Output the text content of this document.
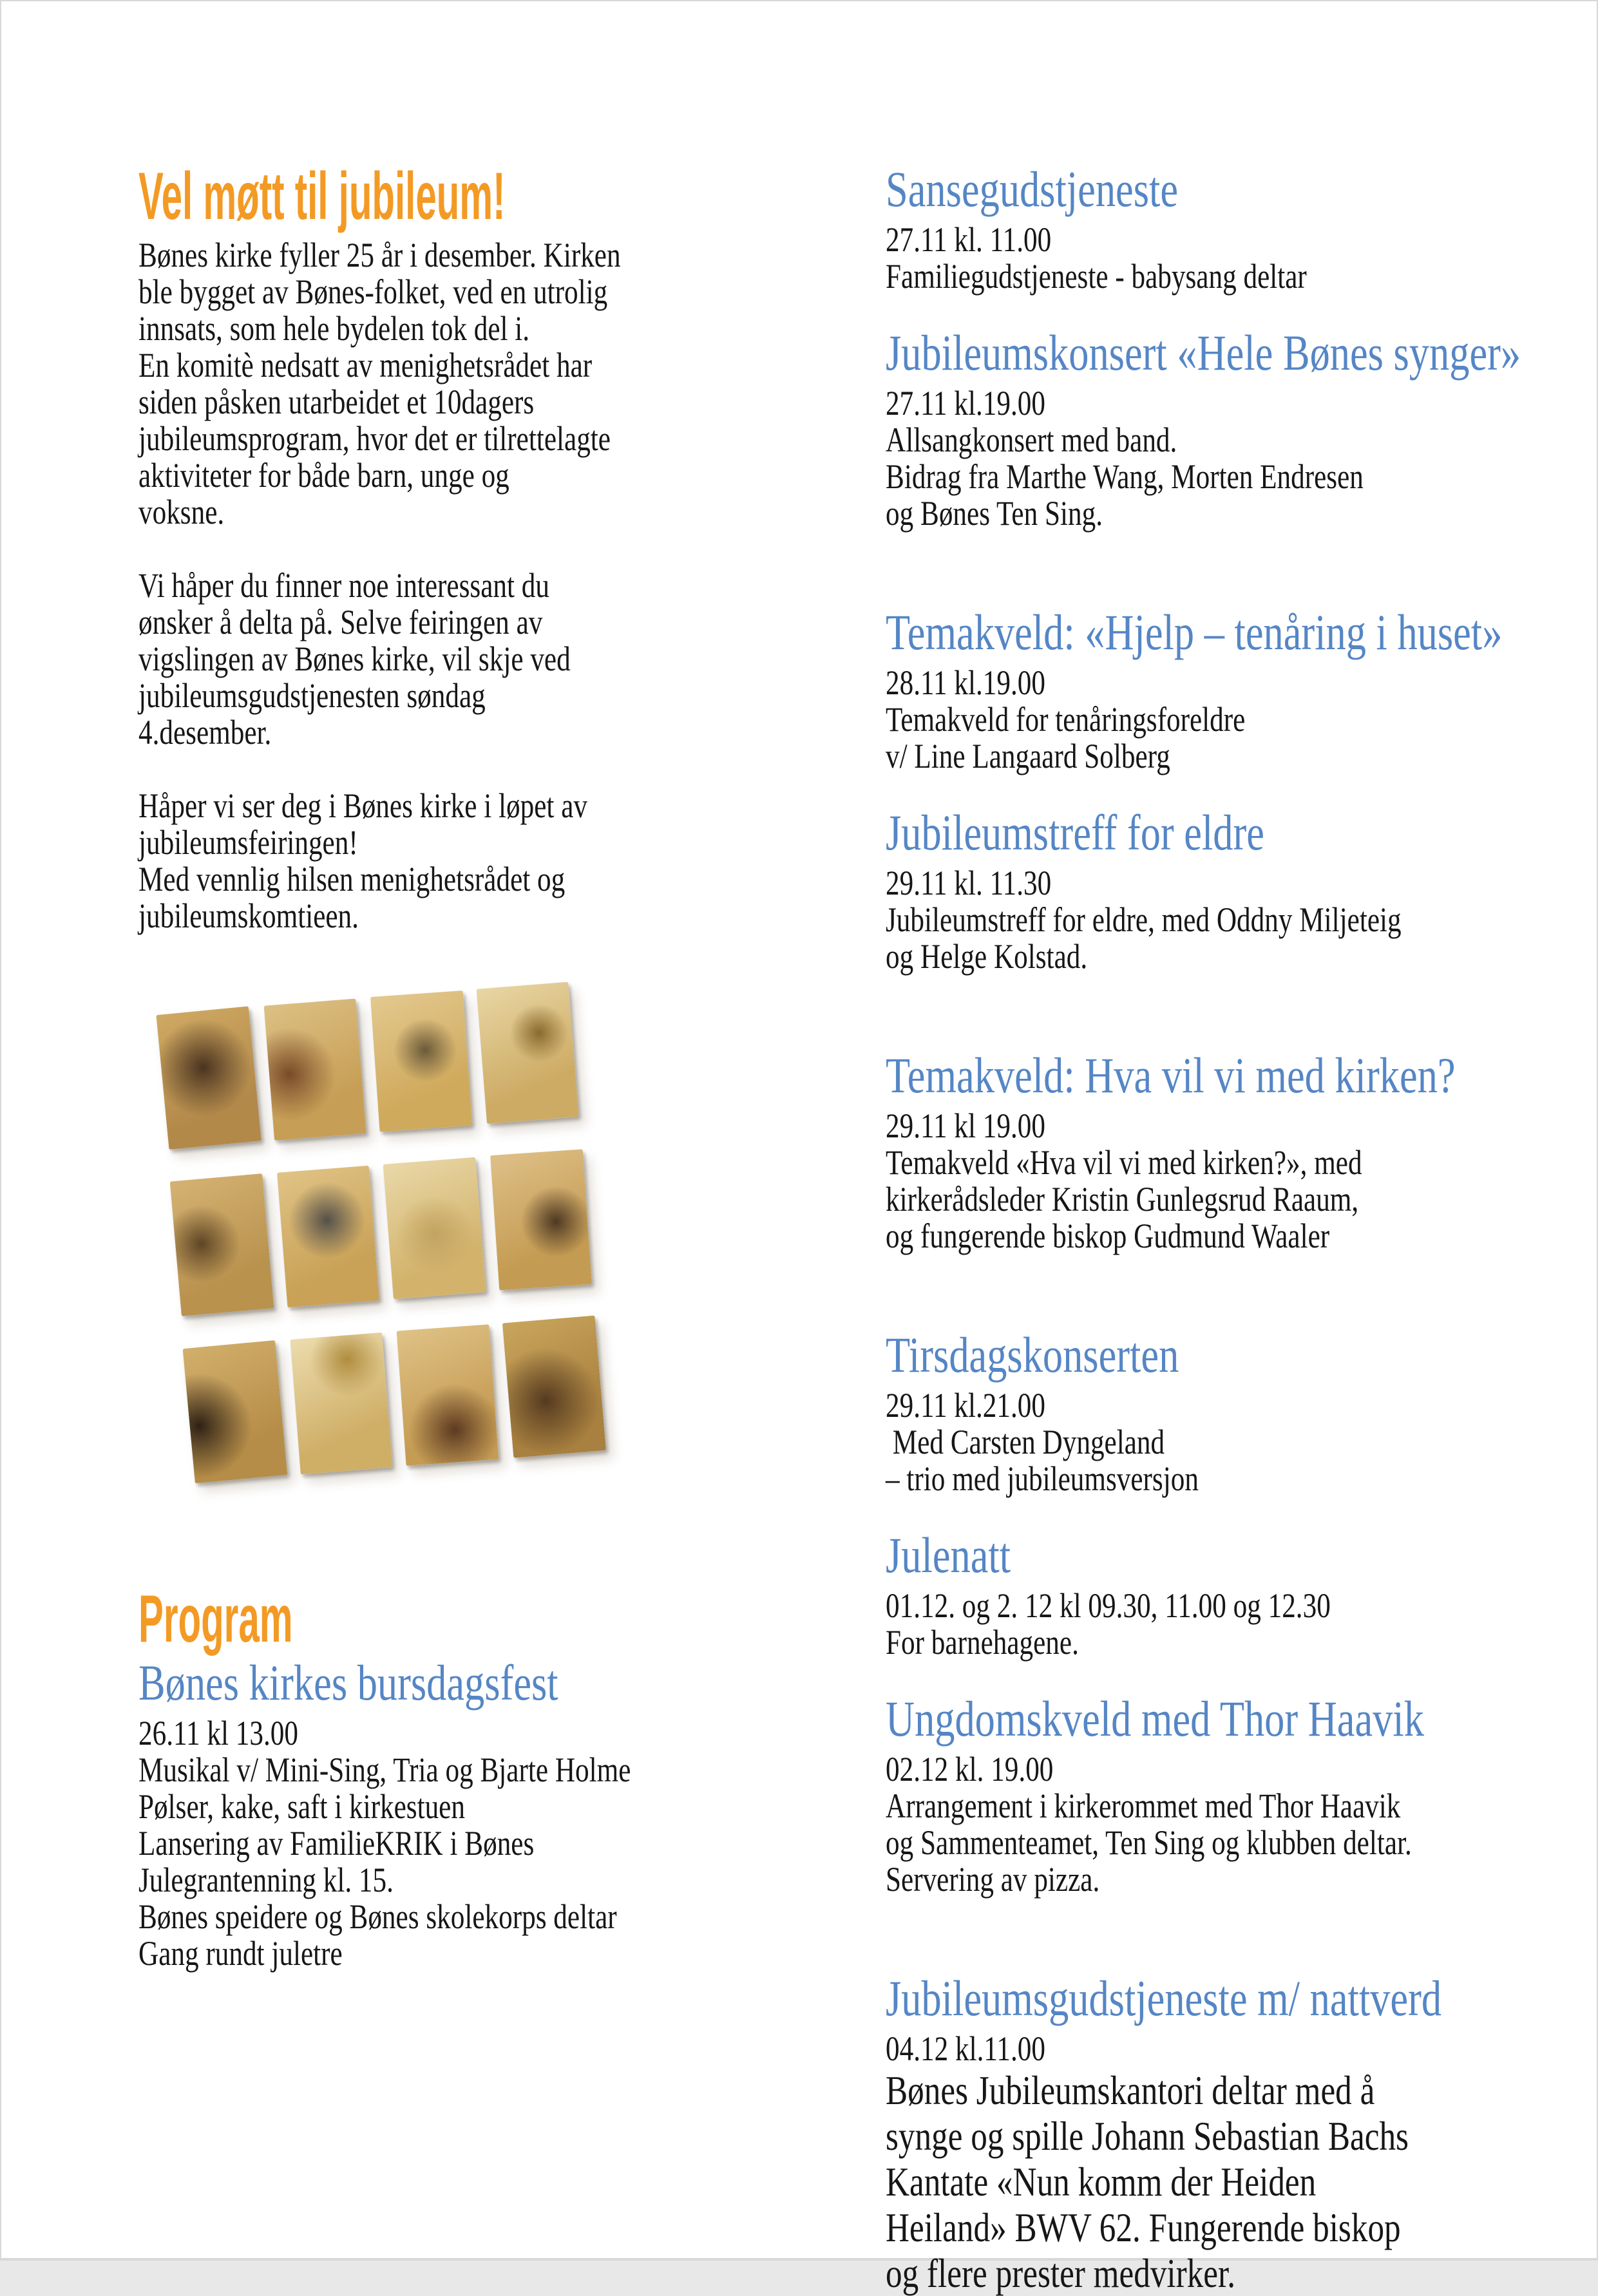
Vel møtt til jubileum!
Bønes kirke fyller 25 år i desember. Kirken
ble bygget av Bønes-folket, ved en utrolig
innsats, som hele bydelen tok del i.
En komitè nedsatt av menighetsrådet har
siden påsken utarbeidet et 10dagers
jubileumsprogram, hvor det er tilrettelagte
aktiviteter for både barn, unge og
voksne.
Vi håper du finner noe interessant du
ønsker å delta på. Selve feiringen av
vigslingen av Bønes kirke, vil skje ved
jubileumsgudstjenesten søndag
4.desember.
Håper vi ser deg i Bønes kirke i løpet av
jubileumsfeiringen!
Med vennlig hilsen menighetsrådet og
jubileumskomtieen.
Program
Bønes kirkes bursdagsfest
26.11 kl 13.00
Musikal v/ Mini-Sing, Tria og Bjarte Holme
Pølser, kake, saft i kirkestuen
Lansering av FamilieKRIK i Bønes
Julegrantenning kl. 15.
Bønes speidere og Bønes skolekorps deltar
Gang rundt juletre
Sansegudstjeneste
27.11 kl. 11.00
Familiegudstjeneste - babysang deltar
Jubileumskonsert «Hele Bønes synger»
27.11 kl.19.00
Allsangkonsert med band.
Bidrag fra Marthe Wang, Morten Endresen
og Bønes Ten Sing.
Temakveld: «Hjelp – tenåring i huset»
28.11 kl.19.00
Temakveld for tenåringsforeldre
v/ Line Langaard Solberg
Jubileumstreff for eldre
29.11 kl. 11.30
Jubileumstreff for eldre, med Oddny Miljeteig
og Helge Kolstad.
Temakveld: Hva vil vi med kirken?
29.11 kl 19.00
Temakveld «Hva vil vi med kirken?», med
kirkerådsleder Kristin Gunlegsrud Raaum,
og fungerende biskop Gudmund Waaler
Tirsdagskonserten
29.11 kl.21.00
Med Carsten Dyngeland
– trio med jubileumsversjon
Julenatt
01.12. og 2. 12 kl 09.30, 11.00 og 12.30
For barnehagene.
Ungdomskveld med Thor Haavik
02.12 kl. 19.00
Arrangement i kirkerommet med Thor Haavik
og Sammenteamet, Ten Sing og klubben deltar.
Servering av pizza.
Jubileumsgudstjeneste m/ nattverd
04.12 kl.11.00
Bønes Jubileumskantori deltar med å
synge og spille Johann Sebastian Bachs
Kantate «Nun komm der Heiden
Heiland» BWV 62. Fungerende biskop
og flere prester medvirker.
